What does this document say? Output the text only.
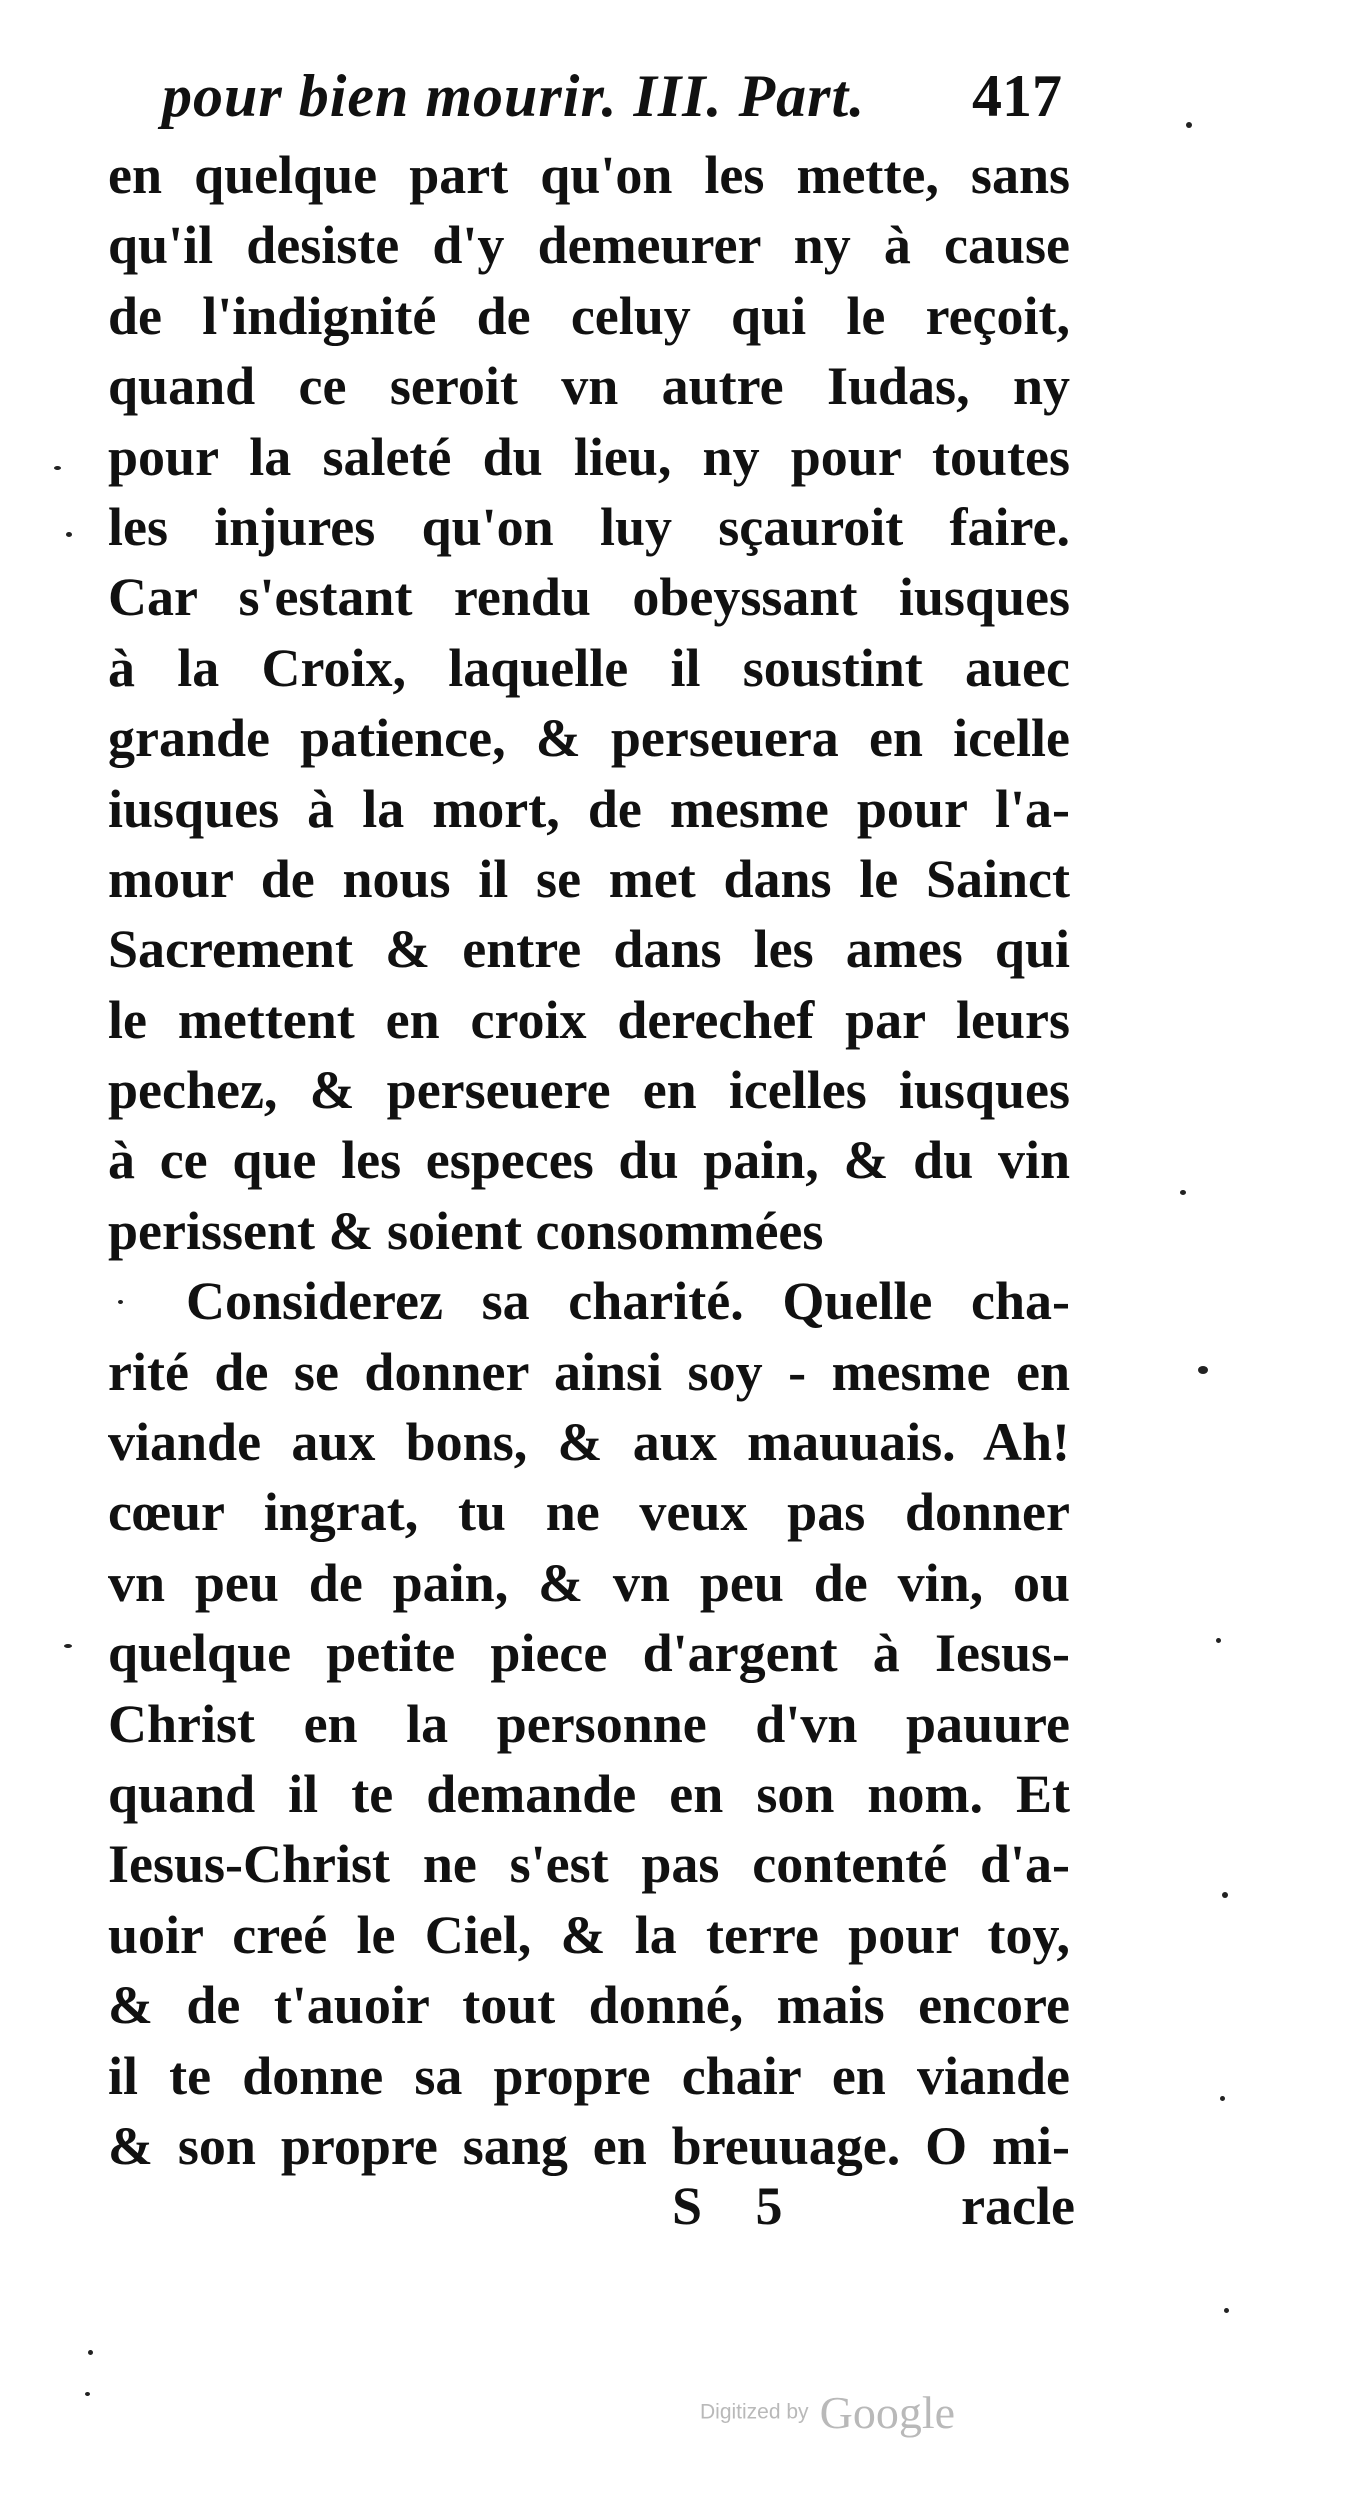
pour bien mourir. III. Part. 417
en quelque part qu'on les mette, sans
qu'il desiste d'y demeurer ny à cause
de l'indignité de celuy qui le reçoit,
quand ce seroit vn autre Iudas, ny
pour la saleté du lieu, ny pour toutes
les injures qu'on luy sçauroit faire.
Car s'estant rendu obeyssant iusques
à la Croix, laquelle il soustint auec
grande patience, & perseuera en icelle
iusques à la mort, de mesme pour l'a-
mour de nous il se met dans le Sainct
Sacrement & entre dans les ames qui
le mettent en croix derechef par leurs
pechez, & perseuere en icelles iusques
à ce que les especes du pain, & du vin
perissent & soient consommées
Considerez sa charité. Quelle cha-
rité de se donner ainsi soy - mesme en
viande aux bons, & aux mauuais. Ah!
cœur ingrat, tu ne veux pas donner
vn peu de pain, & vn peu de vin, ou
quelque petite piece d'argent à Iesus-
Christ en la personne d'vn pauure
quand il te demande en son nom. Et
Iesus-Christ ne s'est pas contenté d'a-
uoir creé le Ciel, & la terre pour toy,
& de t'auoir tout donné, mais encore
il te donne sa propre chair en viande
& son propre sang en breuuage. O mi-
S 5	racle
Digitized by Google
